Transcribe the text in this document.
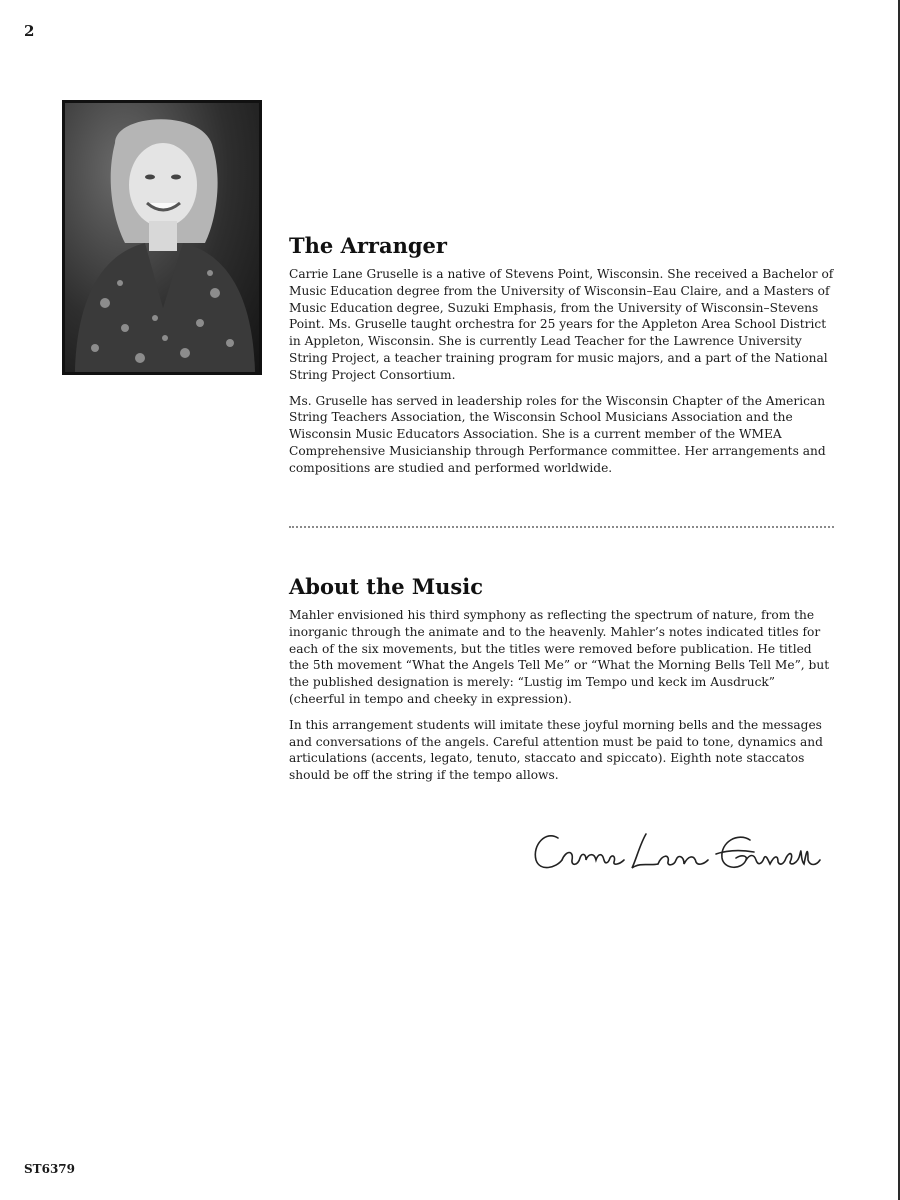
2

The Arranger

Carrie Lane Gruselle is a native of Stevens Point, Wisconsin. She received a Bachelor of Music Education degree from the University of Wisconsin–Eau Claire, and a Masters of Music Education degree, Suzuki Emphasis, from the University of Wisconsin–Stevens Point. Ms. Gruselle taught orchestra for 25 years for the Appleton Area School District in Appleton, Wisconsin. She is currently Lead Teacher for the Lawrence University String Project, a teacher training program for music majors, and a part of the National String Project Consortium.

Ms. Gruselle has served in leadership roles for the Wisconsin Chapter of the American String Teachers Association, the Wisconsin School Musicians Association and the Wisconsin Music Educators Association. She is a current member of the WMEA Comprehensive Musicianship through Performance committee. Her arrangements and compositions are studied and performed worldwide.

About the Music

Mahler envisioned his third symphony as reflecting the spectrum of nature, from the inorganic through the animate and to the heavenly. Mahler’s notes indicated titles for each of the six movements, but the titles were removed before publication. He titled the 5th movement “What the Angels Tell Me” or “What the Morning Bells Tell Me”, but the published designation is merely: “Lustig im Tempo und keck im Ausdruck” (cheerful in tempo and cheeky in expression).

In this arrangement students will imitate these joyful morning bells and the messages and conversations of the angels. Careful attention must be paid to tone, dynamics and articulations (accents, legato, tenuto, staccato and spiccato). Eighth note staccatos should be off the string if the tempo allows.

ST6379
